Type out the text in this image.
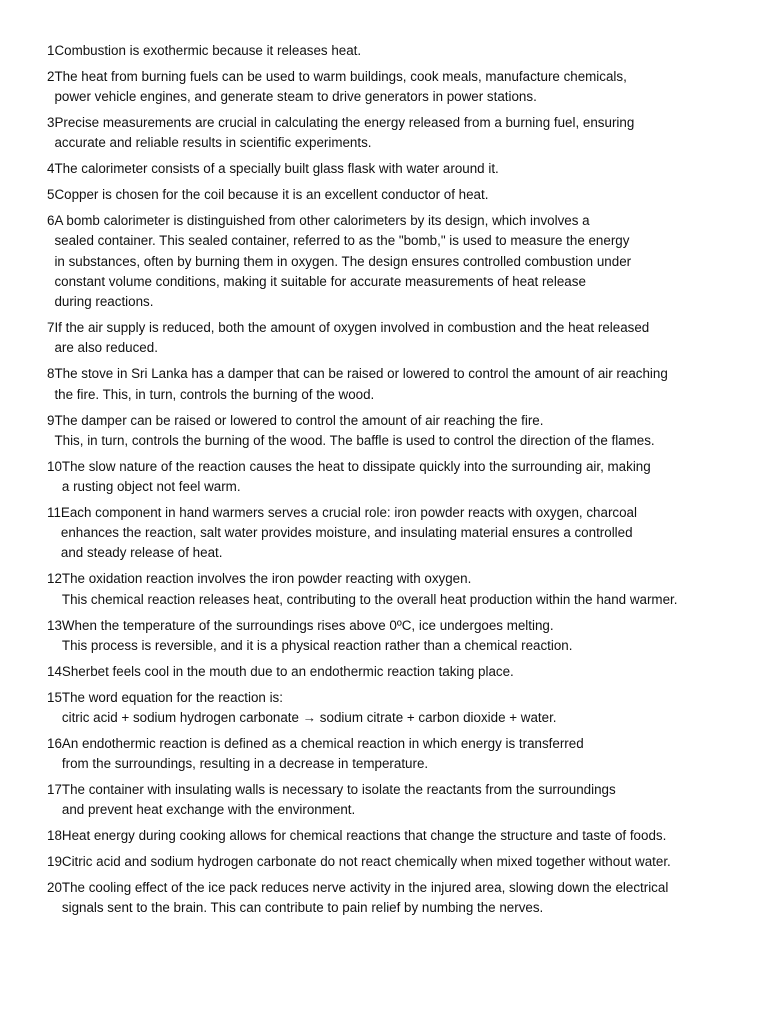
1 Combustion is exothermic because it releases heat.
2 The heat from burning fuels can be used to warm buildings, cook meals, manufacture chemicals,
power vehicle engines, and generate steam to drive generators in power stations.
3 Precise measurements are crucial in calculating the energy released from a burning fuel, ensuring
accurate and reliable results in scientific experiments.
4 The calorimeter consists of a specially built glass flask with water around it.
5 Copper is chosen for the coil because it is an excellent conductor of heat.
6 A bomb calorimeter is distinguished from other calorimeters by its design, which involves a
sealed container. This sealed container, referred to as the "bomb," is used to measure the energy
in substances, often by burning them in oxygen. The design ensures controlled combustion under
constant volume conditions, making it suitable for accurate measurements of heat release
during reactions.
7 If the air supply is reduced, both the amount of oxygen involved in combustion and the heat released
are also reduced.
8 The stove in Sri Lanka has a damper that can be raised or lowered to control the amount of air reaching
the fire. This, in turn, controls the burning of the wood.
9 The damper can be raised or lowered to control the amount of air reaching the fire.
This, in turn, controls the burning of the wood. The baffle is used to control the direction of the flames.
10 The slow nature of the reaction causes the heat to dissipate quickly into the surrounding air, making
a rusting object not feel warm.
11 Each component in hand warmers serves a crucial role: iron powder reacts with oxygen, charcoal
enhances the reaction, salt water provides moisture, and insulating material ensures a controlled
and steady release of heat.
12 The oxidation reaction involves the iron powder reacting with oxygen.
This chemical reaction releases heat, contributing to the overall heat production within the hand warmer.
13 When the temperature of the surroundings rises above 0ºC, ice undergoes melting.
This process is reversible, and it is a physical reaction rather than a chemical reaction.
14 Sherbet feels cool in the mouth due to an endothermic reaction taking place.
15 The word equation for the reaction is:
citric acid + sodium hydrogen carbonate → sodium citrate + carbon dioxide + water.
16 An endothermic reaction is defined as a chemical reaction in which energy is transferred
from the surroundings, resulting in a decrease in temperature.
17 The container with insulating walls is necessary to isolate the reactants from the surroundings
and prevent heat exchange with the environment.
18 Heat energy during cooking allows for chemical reactions that change the structure and taste of foods.
19 Citric acid and sodium hydrogen carbonate do not react chemically when mixed together without water.
20 The cooling effect of the ice pack reduces nerve activity in the injured area, slowing down the electrical
signals sent to the brain. This can contribute to pain relief by numbing the nerves.
